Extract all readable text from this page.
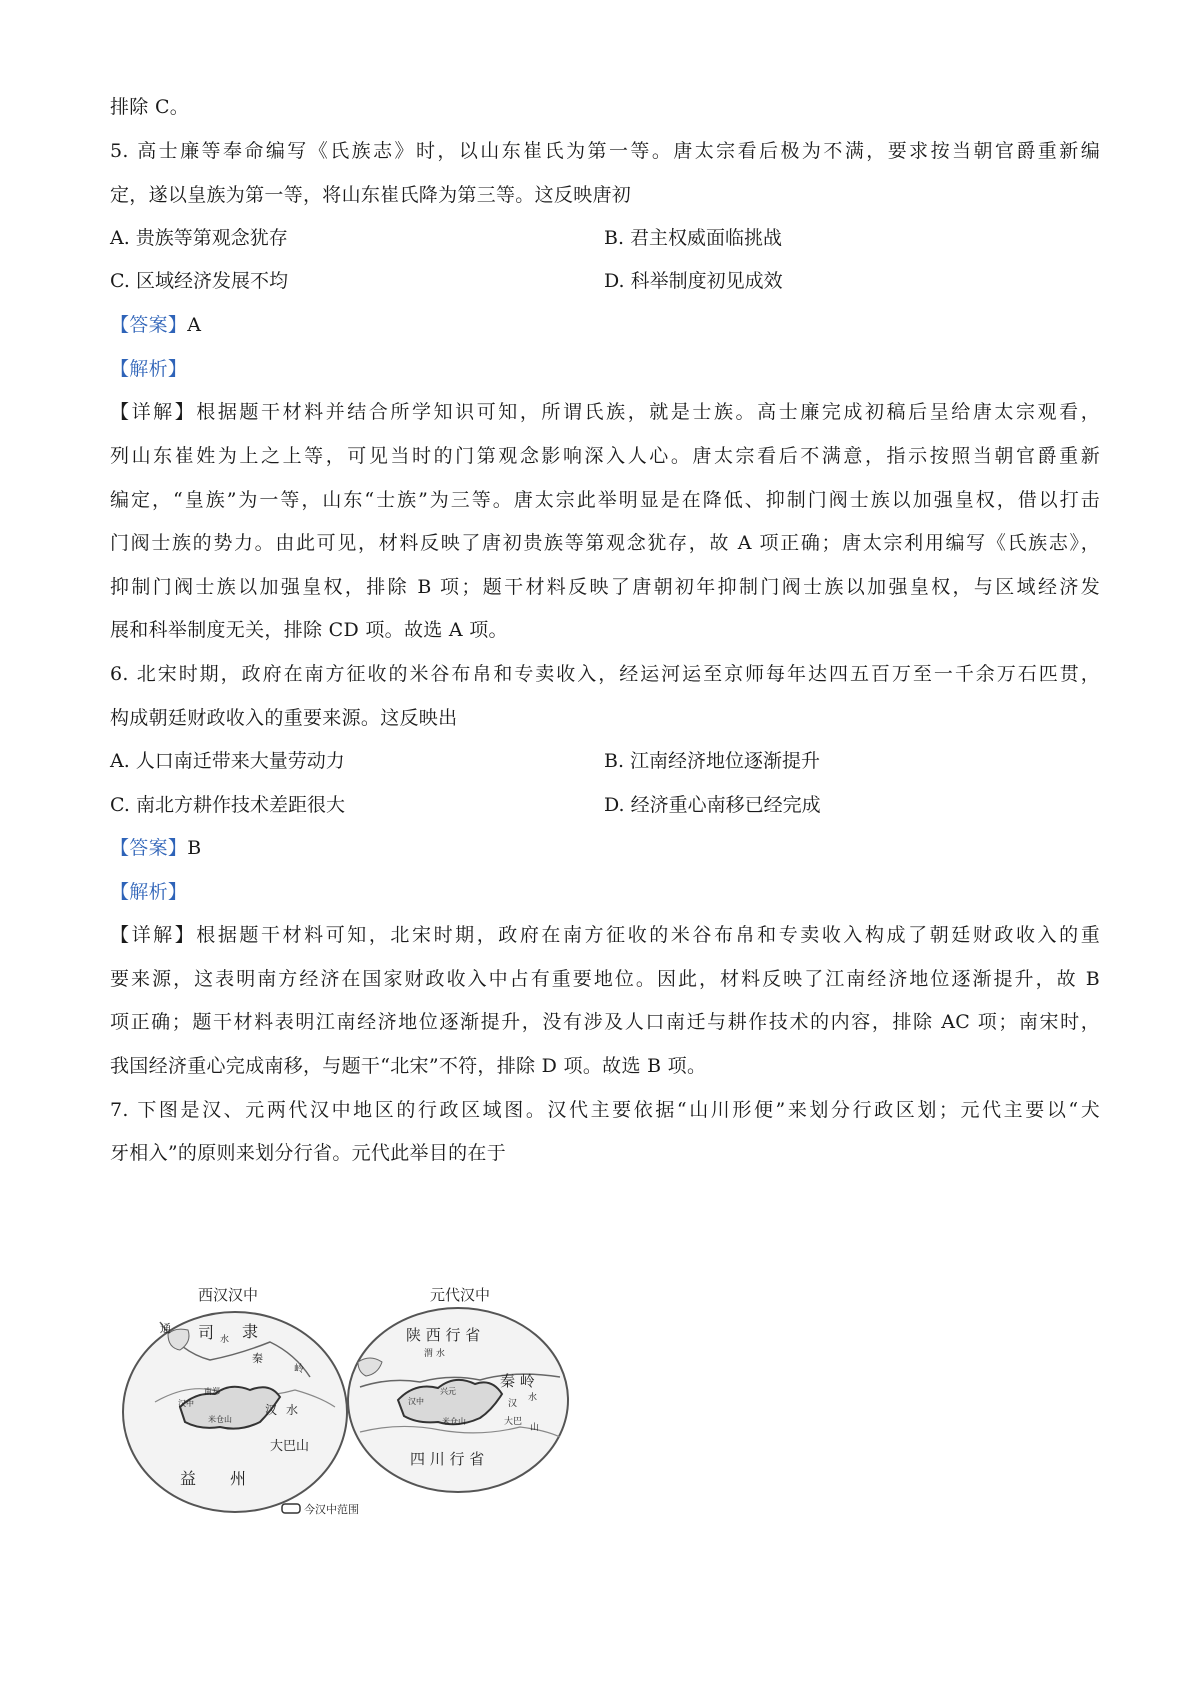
排除 C。
5. 高士廉等奉命编写《氏族志》时，以山东崔氏为第一等。唐太宗看后极为不满，要求按当朝官爵重新编
定，遂以皇族为第一等，将山东崔氏降为第三等。这反映唐初
A. 贵族等第观念犹存	B. 君主权威面临挑战
C. 区域经济发展不均	D. 科举制度初见成效
【答案】A
【解析】
【详解】根据题干材料并结合所学知识可知，所谓氏族，就是士族。高士廉完成初稿后呈给唐太宗观看，
列山东崔姓为上之上等，可见当时的门第观念影响深入人心。唐太宗看后不满意，指示按照当朝官爵重新
编定，“皇族”为一等，山东“士族”为三等。唐太宗此举明显是在降低、抑制门阀士族以加强皇权，借以打击
门阀士族的势力。由此可见，材料反映了唐初贵族等第观念犹存，故 A 项正确；唐太宗利用编写《氏族志》，
抑制门阀士族以加强皇权，排除 B 项；题干材料反映了唐朝初年抑制门阀士族以加强皇权，与区域经济发
展和科举制度无关，排除 CD 项。故选 A 项。
6. 北宋时期，政府在南方征收的米谷布帛和专卖收入，经运河运至京师每年达四五百万至一千余万石匹贯，
构成朝廷财政收入的重要来源。这反映出
A. 人口南迁带来大量劳动力	B. 江南经济地位逐渐提升
C. 南北方耕作技术差距很大	D. 经济重心南移已经完成
【答案】B
【解析】
【详解】根据题干材料可知，北宋时期，政府在南方征收的米谷布帛和专卖收入构成了朝廷财政收入的重
要来源，这表明南方经济在国家财政收入中占有重要地位。因此，材料反映了江南经济地位逐渐提升，故 B
项正确；题干材料表明江南经济地位逐渐提升，没有涉及人口南迁与耕作技术的内容，排除 AC 项；南宋时，
我国经济重心完成南移，与题干“北宋”不符，排除 D 项。故选 B 项。
7. 下图是汉、元两代汉中地区的行政区域图。汉代主要依据“山川形便”来划分行政区划；元代主要以“犬
牙相入”的原则来划分行省。元代此举目的在于
西汉汉中	元代汉中
通 司 水 隶
秦
岭
南郑
汉中
米仓山
汉 水
大巴山
益 州
陕 西 行 省
渭 水
秦 岭
汉中
兴元
米仓山
汉
水
大巴
山
四 川 行 省
今汉中范围
